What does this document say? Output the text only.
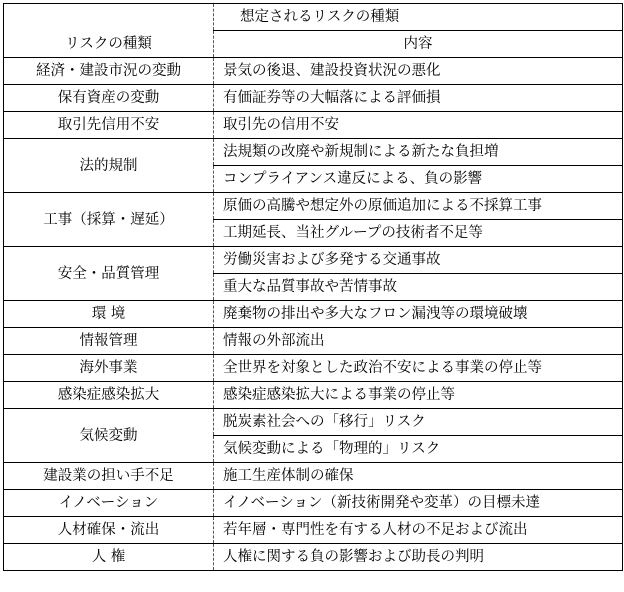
	想定されるリスクの種類
リスクの種類	内容
経済・建設市況の変動	景気の後退、建設投資状況の悪化
保有資産の変動	有価証券等の大幅落による評価損
取引先信用不安	取引先の信用不安
法的規制	法規類の改廃や新規制による新たな負担増
	コンプライアンス違反による、負の影響
工事（採算・遅延）	原価の高騰や想定外の原価追加による不採算工事
	工期延長、当社グループの技術者不足等
安全・品質管理	労働災害および多発する交通事故
	重大な品質事故や苦情事故
環 境	廃棄物の排出や多大なフロン漏洩等の環境破壊
情報管理	情報の外部流出
海外事業	全世界を対象とした政治不安による事業の停止等
感染症感染拡大	感染症感染拡大による事業の停止等
気候変動	脱炭素社会への「移行」リスク
	気候変動による「物理的」リスク
建設業の担い手不足	施工生産体制の確保
イノベーション	イノベーション（新技術開発や変革）の目標未達
人材確保・流出	若年層・専門性を有する人材の不足および流出
人 権	人権に関する負の影響および助長の判明
